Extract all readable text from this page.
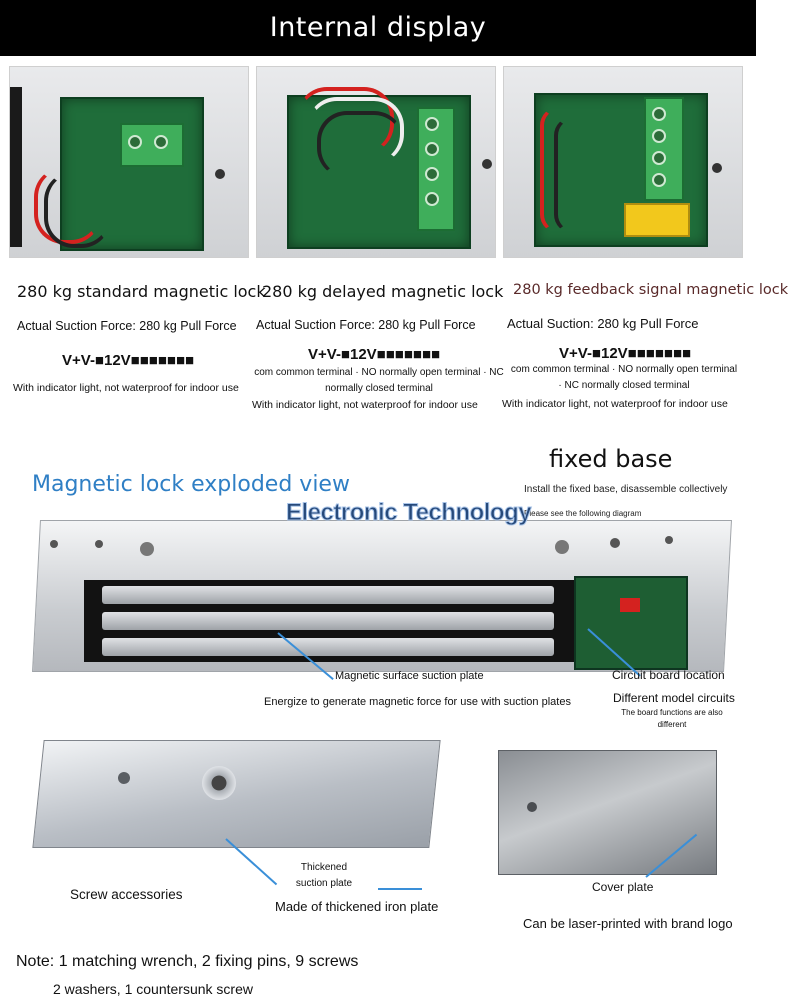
Internal display
280 kg standard magnetic lock
Actual Suction Force: 280 kg Pull Force
V+V-■12V■■■■■■■
With indicator light, not waterproof for indoor use
280 kg delayed magnetic lock
Actual Suction Force: 280 kg Pull Force
V+V-■12V■■■■■■■
com common terminal · NO normally open terminal · NC normally closed terminal
With indicator light, not waterproof for indoor use
280 kg feedback signal magnetic lock
Actual Suction: 280 kg Pull Force
V+V-■12V■■■■■■■
com common terminal · NO normally open terminal · NC normally closed terminal
With indicator light, not waterproof for indoor use
Magnetic lock exploded view
fixed base
Install the fixed base, disassemble collectively
Please see the following diagram
Electronic Technology
Magnetic surface suction plate
Energize to generate magnetic force for use with suction plates
Circuit board location
Different model circuits
The board functions are also different
Thickened suction plate
Screw accessories
Made of thickened iron plate
Cover plate
Can be laser-printed with brand logo
Note: 1 matching wrench, 2 fixing pins, 9 screws
2 washers, 1 countersunk screw
